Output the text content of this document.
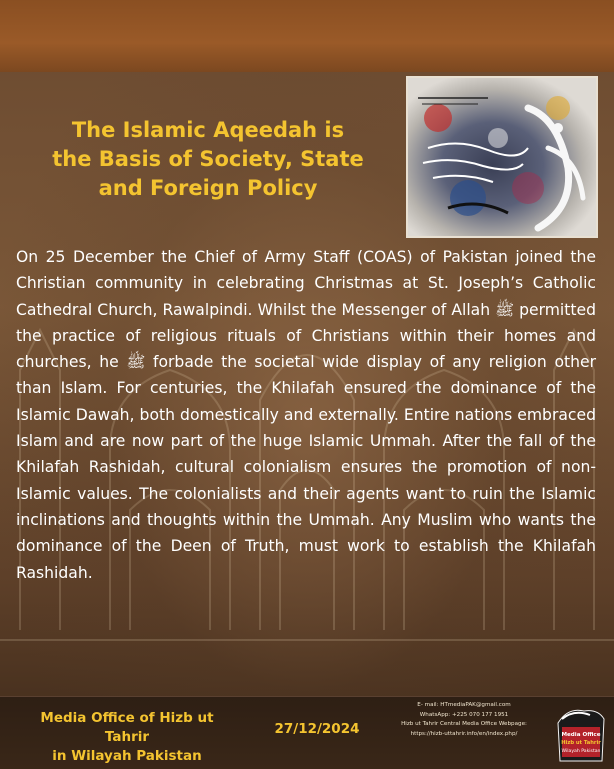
The Islamic Aqeedah is
the Basis of Society, State
and Foreign Policy

On 25 December the Chief of Army Staff (COAS) of Pakistan joined the Christian community in celebrating Christmas at St. Joseph’s Catholic Cathedral Church, Rawalpindi. Whilst the Messenger of Allah ﷺ permitted the practice of religious rituals of Christians within their homes and churches, he ﷺ forbade the societal wide display of any religion other than Islam. For centuries, the Khilafah ensured the dominance of the Islamic Dawah, both domestically and externally. Entire nations embraced Islam and are now part of the huge Islamic Ummah. After the fall of the Khilafah Rashidah, cultural colonialism ensures the promotion of non-Islamic values. The colonialists and their agents want to ruin the Islamic inclinations and thoughts within the Ummah. Any Muslim who wants the dominance of the Deen of Truth, must work to establish the Khilafah Rashidah.

Media Office of Hizb ut Tahrir
in Wilayah Pakistan
27/12/2024
E- mail: HTmediaPAK@gmail.com
WhatsApp: +225 070 177 1951
Hizb ut Tahrir Central Media Office Webpage:
https://hizb-uttahrir.info/en/index.php/	Media Office
Hizb ut Tahrir
Wilayah Pakistan
